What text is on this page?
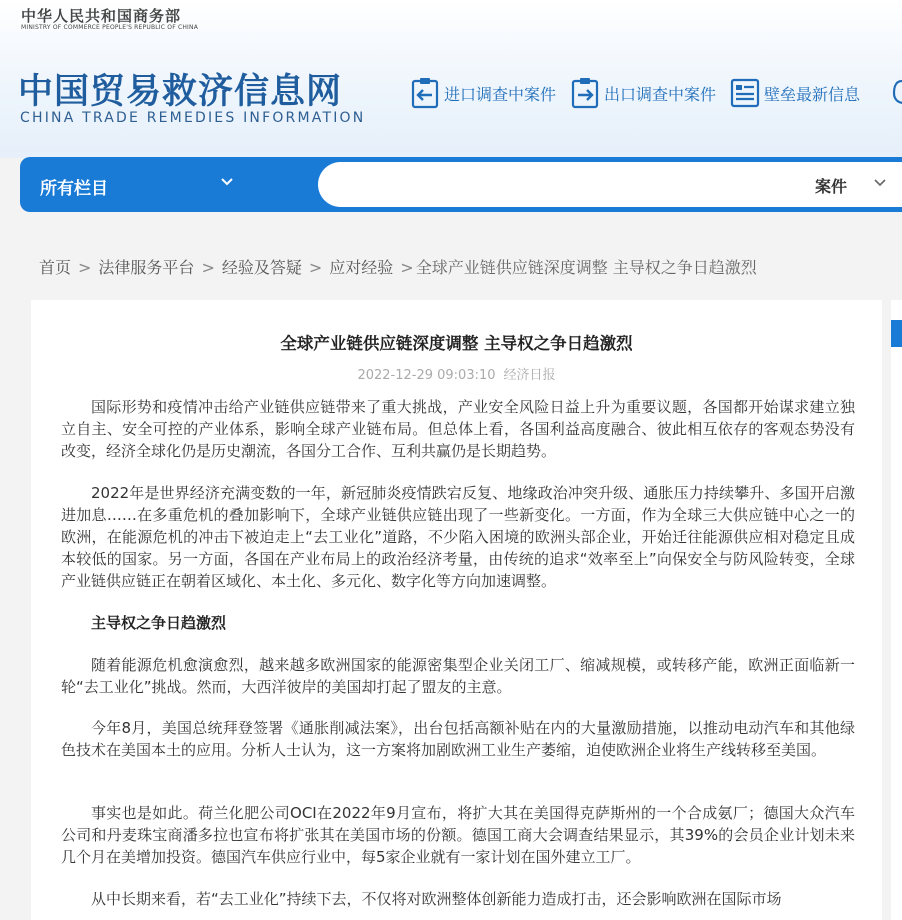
中华人民共和国商务部
MINISTRY OF COMMERCE PEOPLE'S REPUBLIC OF CHINA
中国贸易救济信息网
CHINA TRADE REMEDIES INFORMATION
进口调查中案件	出口调查中案件	壁垒最新信息
所有栏目	案件
首页 > 法律服务平台 > 经验及答疑 > 应对经验 > 全球产业链供应链深度调整 主导权之争日趋激烈
全球产业链供应链深度调整 主导权之争日趋激烈
2022-12-29 09:03:10 经济日报

国际形势和疫情冲击给产业链供应链带来了重大挑战，产业安全风险日益上升为重要议题，各国都开始谋求建立独立自主、安全可控的产业体系，影响全球产业链布局。但总体上看，各国利益高度融合、彼此相互依存的客观态势没有改变，经济全球化仍是历史潮流，各国分工合作、互利共赢仍是长期趋势。

2022年是世界经济充满变数的一年，新冠肺炎疫情跌宕反复、地缘政治冲突升级、通胀压力持续攀升、多国开启激进加息……在多重危机的叠加影响下，全球产业链供应链出现了一些新变化。一方面，作为全球三大供应链中心之一的欧洲，在能源危机的冲击下被迫走上“去工业化”道路，不少陷入困境的欧洲头部企业，开始迁往能源供应相对稳定且成本较低的国家。另一方面，各国在产业布局上的政治经济考量，由传统的追求“效率至上”向保安全与防风险转变，全球产业链供应链正在朝着区域化、本土化、多元化、数字化等方向加速调整。

主导权之争日趋激烈

随着能源危机愈演愈烈，越来越多欧洲国家的能源密集型企业关闭工厂、缩减规模，或转移产能，欧洲正面临新一轮“去工业化”挑战。然而，大西洋彼岸的美国却打起了盟友的主意。

今年8月，美国总统拜登签署《通胀削减法案》，出台包括高额补贴在内的大量激励措施，以推动电动汽车和其他绿色技术在美国本土的应用。分析人士认为，这一方案将加剧欧洲工业生产萎缩，迫使欧洲企业将生产线转移至美国。

事实也是如此。荷兰化肥公司OCI在2022年9月宣布，将扩大其在美国得克萨斯州的一个合成氨厂；德国大众汽车公司和丹麦珠宝商潘多拉也宣布将扩张其在美国市场的份额。德国工商大会调查结果显示，其39%的会员企业计划未来几个月在美增加投资。德国汽车供应行业中，每5家企业就有一家计划在国外建立工厂。

从中长期来看，若“去工业化”持续下去，不仅将对欧洲整体创新能力造成打击，还会影响欧洲在国际市场
